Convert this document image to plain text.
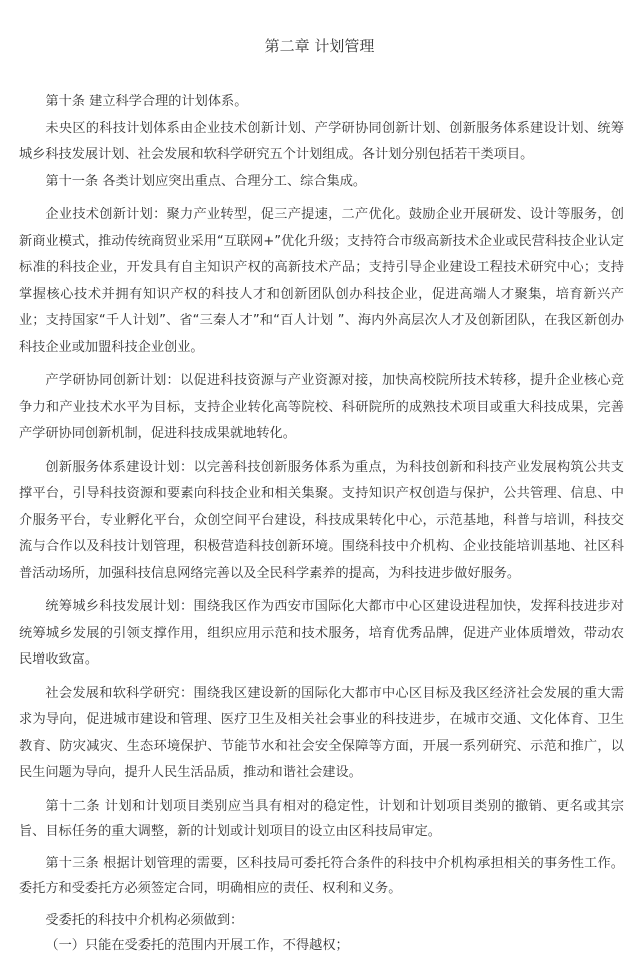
第二章 计划管理

第十条 建立科学合理的计划体系。

未央区的科技计划体系由企业技术创新计划、产学研协同创新计划、创新服务体系建设计划、统筹城乡科技发展计划、社会发展和软科学研究五个计划组成。各计划分别包括若干类项目。

第十一条 各类计划应突出重点、合理分工、综合集成。

企业技术创新计划：聚力产业转型，促三产提速，二产优化。鼓励企业开展研发、设计等服务，创新商业模式，推动传统商贸业采用“互联网+”优化升级；支持符合市级高新技术企业或民营科技企业认定标准的科技企业，开发具有自主知识产权的高新技术产品；支持引导企业建设工程技术研究中心；支持掌握核心技术并拥有知识产权的科技人才和创新团队创办科技企业，促进高端人才聚集，培育新兴产业；支持国家“千人计划”、省“三秦人才”和“百人计划 ”、海内外高层次人才及创新团队，在我区新创办科技企业或加盟科技企业创业。

产学研协同创新计划：以促进科技资源与产业资源对接，加快高校院所技术转移，提升企业核心竞争力和产业技术水平为目标，支持企业转化高等院校、科研院所的成熟技术项目或重大科技成果，完善产学研协同创新机制，促进科技成果就地转化。

创新服务体系建设计划：以完善科技创新服务体系为重点，为科技创新和科技产业发展构筑公共支撑平台，引导科技资源和要素向科技企业和相关集聚。支持知识产权创造与保护，公共管理、信息、中介服务平台，专业孵化平台，众创空间平台建设，科技成果转化中心，示范基地，科普与培训，科技交流与合作以及科技计划管理，积极营造科技创新环境。围绕科技中介机构、企业技能培训基地、社区科普活动场所，加强科技信息网络完善以及全民科学素养的提高，为科技进步做好服务。

统筹城乡科技发展计划：围绕我区作为西安市国际化大都市中心区建设进程加快，发挥科技进步对统筹城乡发展的引领支撑作用，组织应用示范和技术服务，培育优秀品牌，促进产业体质增效，带动农民增收致富。

社会发展和软科学研究：围绕我区建设新的国际化大都市中心区目标及我区经济社会发展的重大需求为导向，促进城市建设和管理、医疗卫生及相关社会事业的科技进步，在城市交通、文化体育、卫生教育、防灾减灾、生态环境保护、节能节水和社会安全保障等方面，开展一系列研究、示范和推广，以民生问题为导向，提升人民生活品质，推动和谐社会建设。

第十二条 计划和计划项目类别应当具有相对的稳定性，计划和计划项目类别的撤销、更名或其宗旨、目标任务的重大调整，新的计划或计划项目的设立由区科技局审定。

第十三条 根据计划管理的需要，区科技局可委托符合条件的科技中介机构承担相关的事务性工作。委托方和受委托方必须签定合同，明确相应的责任、权利和义务。

受委托的科技中介机构必须做到：

（一）只能在受委托的范围内开展工作，不得越权；
